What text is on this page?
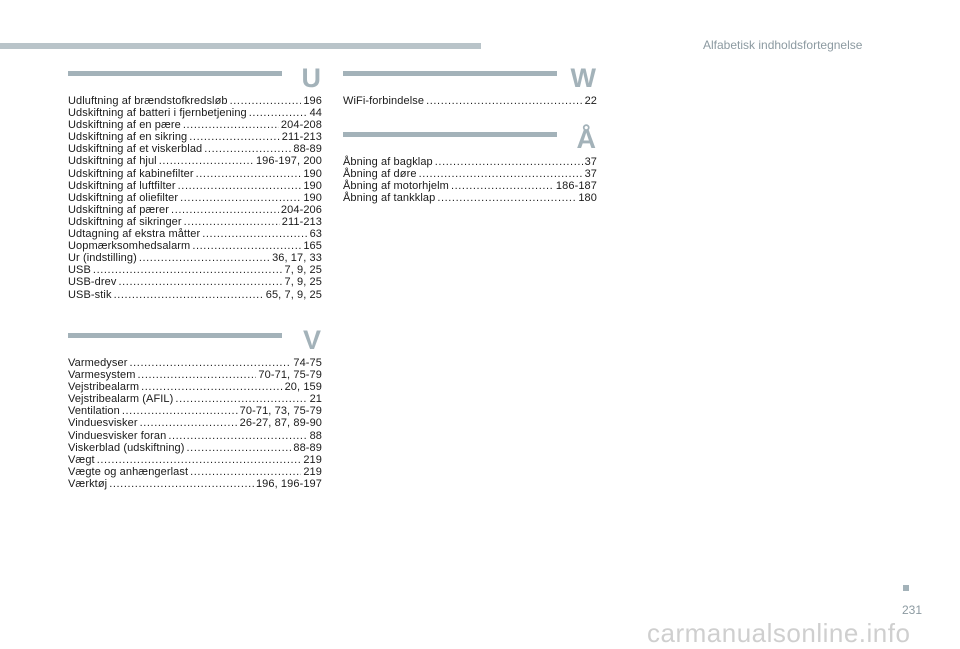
Alfabetisk indholdsfortegnelse
U
Udluftning af brændstofkredsløb .....	196
Udskiftning af batteri i fjernbetjening .....	44
Udskiftning af en pære .....	204-208
Udskiftning af en sikring .....	211-213
Udskiftning af et viskerblad .....	88-89
Udskiftning af hjul .....	196-197, 200
Udskiftning af kabinefilter .....	190
Udskiftning af luftfilter .....	190
Udskiftning af oliefilter .....	190
Udskiftning af pærer .....	204-206
Udskiftning af sikringer .....	211-213
Udtagning af ekstra måtter .....	63
Uopmærksomhedsalarm .....	165
Ur (indstilling) .....	36, 17, 33
USB .....	7, 9, 25
USB-drev .....	7, 9, 25
USB-stik .....	65, 7, 9, 25
V
Varmedyser .....	74-75
Varmesystem .....	70-71, 75-79
Vejstribealarm .....	20, 159
Vejstribealarm (AFIL) .....	21
Ventilation .....	70-71, 73, 75-79
Vinduesvisker .....	26-27, 87, 89-90
Vinduesvisker foran .....	88
Viskerblad (udskiftning) .....	88-89
Vægt .....	219
Vægte og anhængerlast .....	219
Værktøj .....	196, 196-197
W
WiFi-forbindelse .....	22
Å
Åbning af bagklap .....	37
Åbning af døre .....	37
Åbning af motorhjelm .....	186-187
Åbning af tankklap .....	180
231
carmanualsonline.info
